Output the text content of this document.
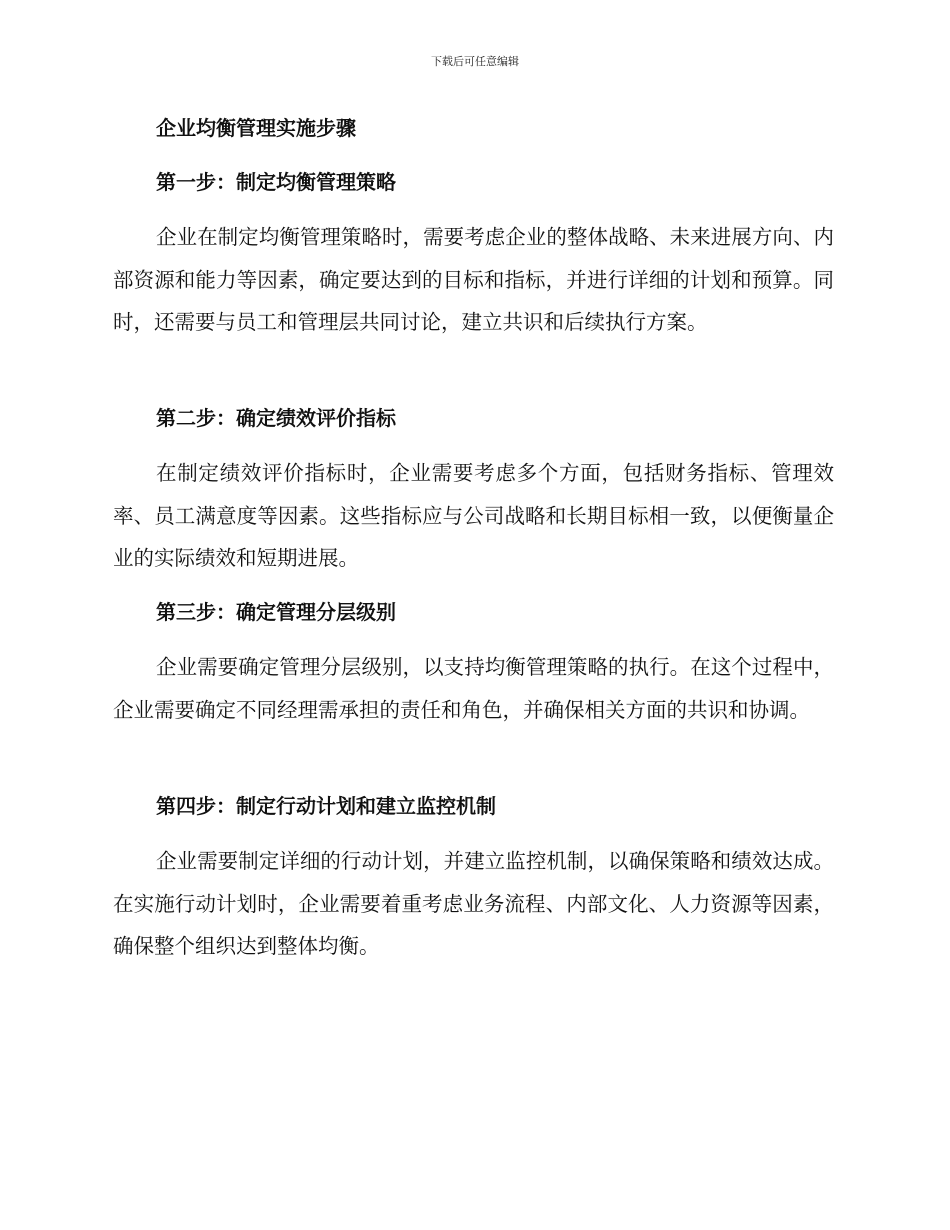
下载后可任意编辑
企业均衡管理实施步骤
第一步：制定均衡管理策略

企业在制定均衡管理策略时，需要考虑企业的整体战略、未来进展方向、内部资源和能力等因素，确定要达到的目标和指标，并进行详细的计划和预算。同时，还需要与员工和管理层共同讨论，建立共识和后续执行方案。

第二步：确定绩效评价指标

在制定绩效评价指标时，企业需要考虑多个方面，包括财务指标、管理效率、员工满意度等因素。这些指标应与公司战略和长期目标相一致，以便衡量企业的实际绩效和短期进展。

第三步：确定管理分层级别

企业需要确定管理分层级别，以支持均衡管理策略的执行。在这个过程中，企业需要确定不同经理需承担的责任和角色，并确保相关方面的共识和协调。

第四步：制定行动计划和建立监控机制

企业需要制定详细的行动计划，并建立监控机制，以确保策略和绩效达成。在实施行动计划时，企业需要着重考虑业务流程、内部文化、人力资源等因素，确保整个组织达到整体均衡。
